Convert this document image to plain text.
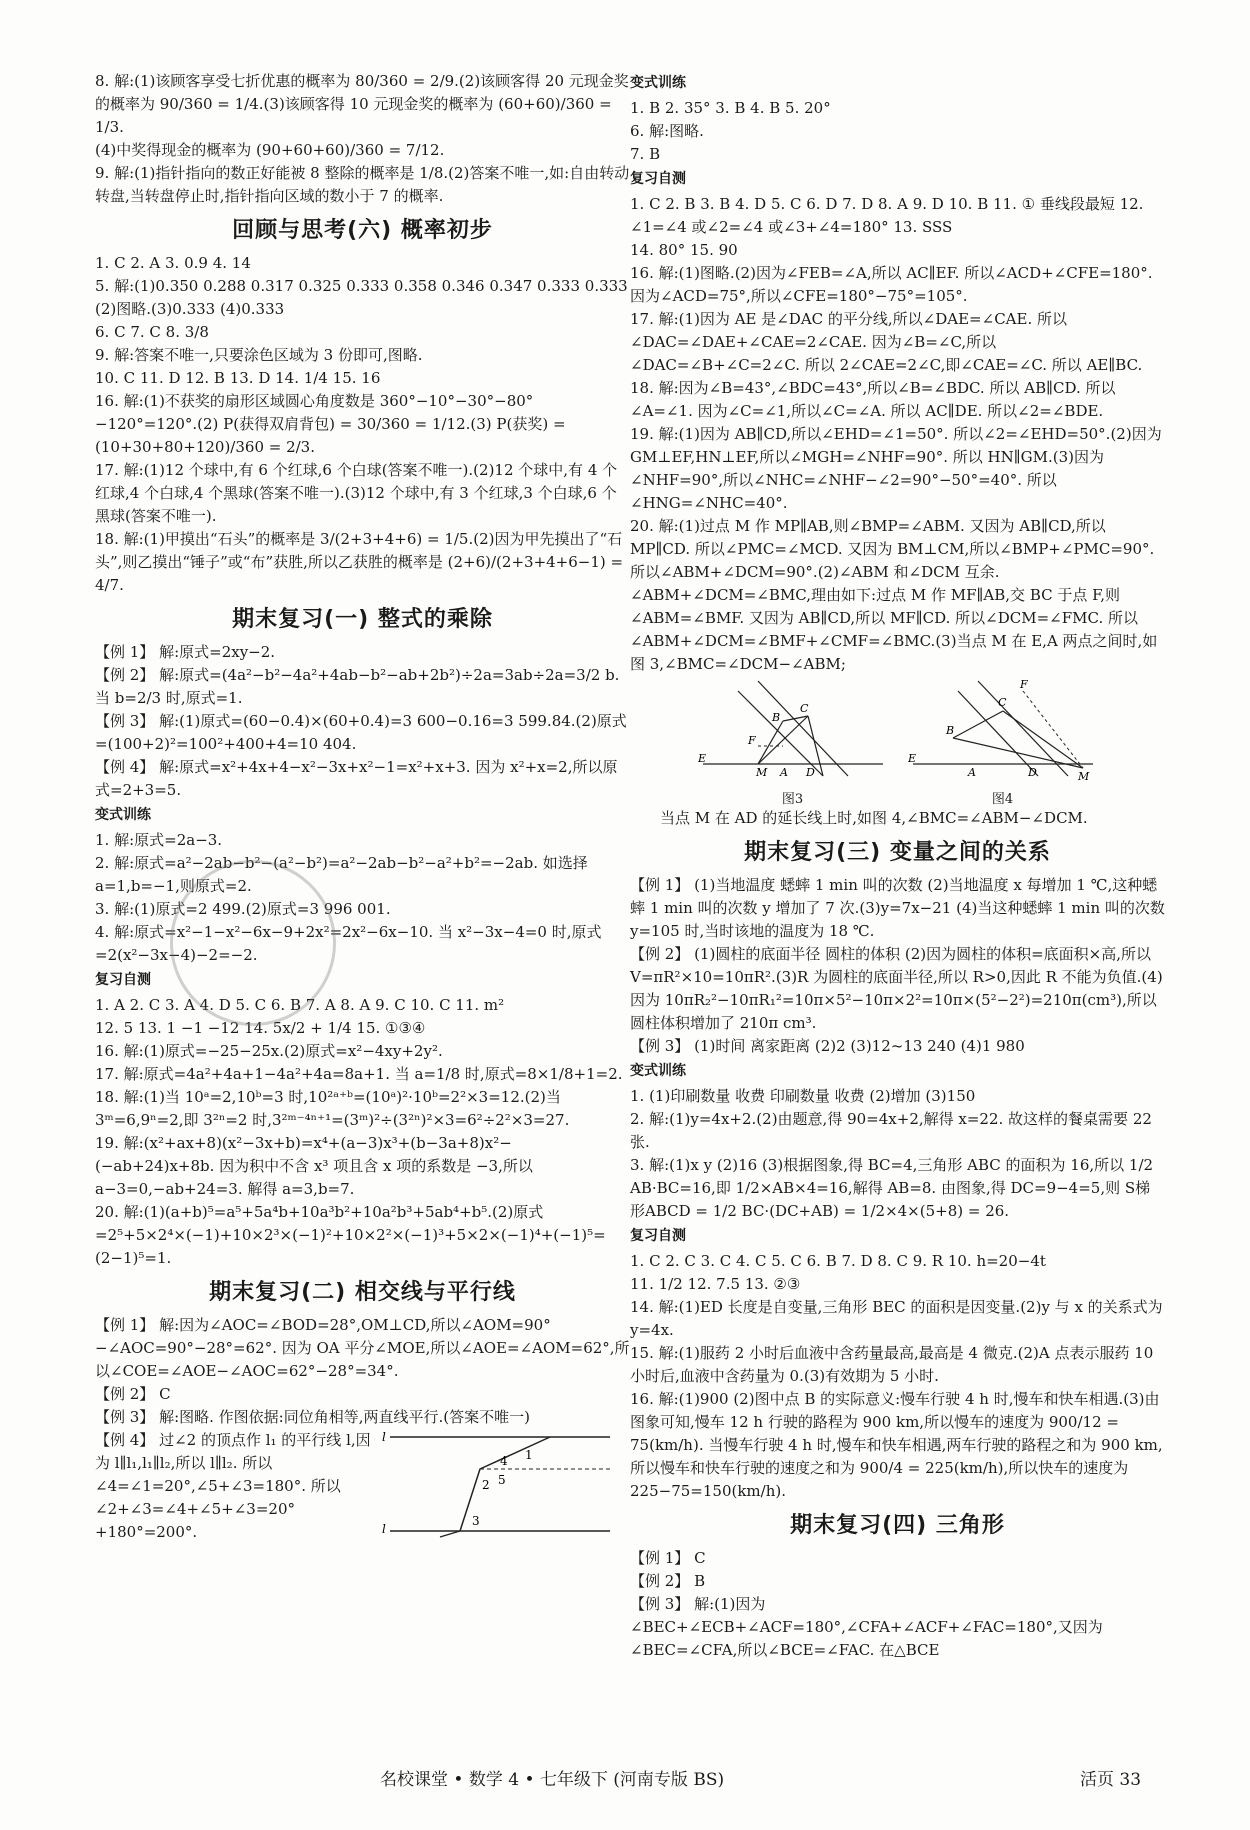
8. 解:(1)该顾客享受七折优惠的概率为 80/360 = 2/9.(2)该顾客得 20 元现金奖的概率为 90/360 = 1/4.(3)该顾客得 10 元现金奖的概率为 (60+60)/360 = 1/3.

(4)中奖得现金的概率为 (90+60+60)/360 = 7/12.

9. 解:(1)指针指向的数正好能被 8 整除的概率是 1/8.(2)答案不唯一,如:自由转动转盘,当转盘停止时,指针指向区域的数小于 7 的概率.

回顾与思考(六) 概率初步

1. C 2. A 3. 0.9 4. 14

5. 解:(1)0.350 0.288 0.317 0.325 0.333 0.358 0.346 0.347 0.333 0.333 (2)图略.(3)0.333 (4)0.333

6. C 7. C 8. 3/8

9. 解:答案不唯一,只要涂色区域为 3 份即可,图略.

10. C 11. D 12. B 13. D 14. 1/4 15. 16

16. 解:(1)不获奖的扇形区域圆心角度数是 360°−10°−30°−80°−120°=120°.(2) P(获得双肩背包) = 30/360 = 1/12.(3) P(获奖) = (10+30+80+120)/360 = 2/3.

17. 解:(1)12 个球中,有 6 个红球,6 个白球(答案不唯一).(2)12 个球中,有 4 个红球,4 个白球,4 个黑球(答案不唯一).(3)12 个球中,有 3 个红球,3 个白球,6 个黑球(答案不唯一).

18. 解:(1)甲摸出“石头”的概率是 3/(2+3+4+6) = 1/5.(2)因为甲先摸出了“石头”,则乙摸出“锤子”或“布”获胜,所以乙获胜的概率是 (2+6)/(2+3+4+6−1) = 4/7.

期末复习(一) 整式的乘除

【例 1】 解:原式=2xy−2.

【例 2】 解:原式=(4a²−b²−4a²+4ab−b²−ab+2b²)÷2a=3ab÷2a=3/2 b. 当 b=2/3 时,原式=1.

【例 3】 解:(1)原式=(60−0.4)×(60+0.4)=3 600−0.16=3 599.84.(2)原式=(100+2)²=100²+400+4=10 404.

【例 4】 解:原式=x²+4x+4−x²−3x+x²−1=x²+x+3. 因为 x²+x=2,所以原式=2+3=5.

变式训练

1. 解:原式=2a−3.

2. 解:原式=a²−2ab−b²−(a²−b²)=a²−2ab−b²−a²+b²=−2ab. 如选择 a=1,b=−1,则原式=2.

3. 解:(1)原式=2 499.(2)原式=3 996 001.

4. 解:原式=x²−1−x²−6x−9+2x²=2x²−6x−10. 当 x²−3x−4=0 时,原式=2(x²−3x−4)−2=−2.

复习自测

1. A 2. C 3. A 4. D 5. C 6. B 7. A 8. A 9. C 10. C 11. m²

12. 5 13. 1 −1 −12 14. 5x/2 + 1/4 15. ①③④

16. 解:(1)原式=−25−25x.(2)原式=x²−4xy+2y².

17. 解:原式=4a²+4a+1−4a²+4a=8a+1. 当 a=1/8 时,原式=8×1/8+1=2.

18. 解:(1)当 10ᵃ=2,10ᵇ=3 时,10²ᵃ⁺ᵇ=(10ᵃ)²·10ᵇ=2²×3=12.(2)当 3ᵐ=6,9ⁿ=2,即 3²ⁿ=2 时,3²ᵐ⁻⁴ⁿ⁺¹=(3ᵐ)²÷(3²ⁿ)²×3=6²÷2²×3=27.

19. 解:(x²+ax+8)(x²−3x+b)=x⁴+(a−3)x³+(b−3a+8)x²−(−ab+24)x+8b. 因为积中不含 x³ 项且含 x 项的系数是 −3,所以 a−3=0,−ab+24=3. 解得 a=3,b=7.

20. 解:(1)(a+b)⁵=a⁵+5a⁴b+10a³b²+10a²b³+5ab⁴+b⁵.(2)原式=2⁵+5×2⁴×(−1)+10×2³×(−1)²+10×2²×(−1)³+5×2×(−1)⁴+(−1)⁵=(2−1)⁵=1.

期末复习(二) 相交线与平行线

【例 1】 解:因为∠AOC=∠BOD=28°,OM⊥CD,所以∠AOM=90°−∠AOC=90°−28°=62°. 因为 OA 平分∠MOE,所以∠AOE=∠AOM=62°,所以∠COE=∠AOE−∠AOC=62°−28°=34°.

【例 2】 C

【例 3】 解:图略. 作图依据:同位角相等,两直线平行.(答案不唯一)

【例 4】 过∠2 的顶点作 l₁ 的平行线 l,因为 l∥l₁,l₁∥l₂,所以 l∥l₂. 所以∠4=∠1=20°,∠5+∠3=180°. 所以∠2+∠3=∠4+∠5+∠3=20°+180°=200°.

l
l
1
2
3
4
5
变式训练

1. B 2. 35° 3. B 4. B 5. 20°

6. 解:图略.

7. B

复习自测

1. C 2. B 3. B 4. D 5. C 6. D 7. D 8. A 9. D 10. B 11. ① 垂线段最短 12. ∠1=∠4 或∠2=∠4 或∠3+∠4=180° 13. SSS

14. 80° 15. 90

16. 解:(1)图略.(2)因为∠FEB=∠A,所以 AC∥EF. 所以∠ACD+∠CFE=180°. 因为∠ACD=75°,所以∠CFE=180°−75°=105°.

17. 解:(1)因为 AE 是∠DAC 的平分线,所以∠DAE=∠CAE. 所以∠DAC=∠DAE+∠CAE=2∠CAE. 因为∠B=∠C,所以∠DAC=∠B+∠C=2∠C. 所以 2∠CAE=2∠C,即∠CAE=∠C. 所以 AE∥BC.

18. 解:因为∠B=43°,∠BDC=43°,所以∠B=∠BDC. 所以 AB∥CD. 所以∠A=∠1. 因为∠C=∠1,所以∠C=∠A. 所以 AC∥DE. 所以∠2=∠BDE.

19. 解:(1)因为 AB∥CD,所以∠EHD=∠1=50°. 所以∠2=∠EHD=50°.(2)因为 GM⊥EF,HN⊥EF,所以∠MGH=∠NHF=90°. 所以 HN∥GM.(3)因为∠NHF=90°,所以∠NHC=∠NHF−∠2=90°−50°=40°. 所以∠HNG=∠NHC=40°.

20. 解:(1)过点 M 作 MP∥AB,则∠BMP=∠ABM. 又因为 AB∥CD,所以 MP∥CD. 所以∠PMC=∠MCD. 又因为 BM⊥CM,所以∠BMP+∠PMC=90°. 所以∠ABM+∠DCM=90°.(2)∠ABM 和∠DCM 互余. ∠ABM+∠DCM=∠BMC,理由如下:过点 M 作 MF∥AB,交 BC 于点 F,则∠ABM=∠BMF. 又因为 AB∥CD,所以 MF∥CD. 所以∠DCM=∠FMC. 所以∠ABM+∠DCM=∠BMF+∠CMF=∠BMC.(3)当点 M 在 E,A 两点之间时,如图 3,∠BMC=∠DCM−∠ABM;

E
M A D
B
C
F
图3
E
A	D	M
B
C
F
图4

当点 M 在 AD 的延长线上时,如图 4,∠BMC=∠ABM−∠DCM.

期末复习(三) 变量之间的关系

【例 1】 (1)当地温度 蟋蟀 1 min 叫的次数 (2)当地温度 x 每增加 1 ℃,这种蟋蟀 1 min 叫的次数 y 增加了 7 次.(3)y=7x−21 (4)当这种蟋蟀 1 min 叫的次数 y=105 时,当时该地的温度为 18 ℃.

【例 2】 (1)圆柱的底面半径 圆柱的体积 (2)因为圆柱的体积=底面积×高,所以 V=πR²×10=10πR².(3)R 为圆柱的底面半径,所以 R>0,因此 R 不能为负值.(4)因为 10πR₂²−10πR₁²=10π×5²−10π×2²=10π×(5²−2²)=210π(cm³),所以圆柱体积增加了 210π cm³.

【例 3】 (1)时间 离家距离 (2)2 (3)12~13 240 (4)1 980

变式训练

1. (1)印刷数量 收费 印刷数量 收费 (2)增加 (3)150

2. 解:(1)y=4x+2.(2)由题意,得 90=4x+2,解得 x=22. 故这样的餐桌需要 22 张.

3. 解:(1)x y (2)16 (3)根据图象,得 BC=4,三角形 ABC 的面积为 16,所以 1/2 AB·BC=16,即 1/2×AB×4=16,解得 AB=8. 由图象,得 DC=9−4=5,则 S梯形ABCD = 1/2 BC·(DC+AB) = 1/2×4×(5+8) = 26.

复习自测

1. C 2. C 3. C 4. C 5. C 6. B 7. D 8. C 9. R 10. h=20−4t

11. 1/2 12. 7.5 13. ②③

14. 解:(1)ED 长度是自变量,三角形 BEC 的面积是因变量.(2)y 与 x 的关系式为 y=4x.

15. 解:(1)服药 2 小时后血液中含药量最高,最高是 4 微克.(2)A 点表示服药 10 小时后,血液中含药量为 0.(3)有效期为 5 小时.

16. 解:(1)900 (2)图中点 B 的实际意义:慢车行驶 4 h 时,慢车和快车相遇.(3)由图象可知,慢车 12 h 行驶的路程为 900 km,所以慢车的速度为 900/12 = 75(km/h). 当慢车行驶 4 h 时,慢车和快车相遇,两车行驶的路程之和为 900 km,所以慢车和快车行驶的速度之和为 900/4 = 225(km/h),所以快车的速度为 225−75=150(km/h).

期末复习(四) 三角形

【例 1】 C

【例 2】 B

【例 3】 解:(1)因为∠BEC+∠ECB+∠ACF=180°,∠CFA+∠ACF+∠FAC=180°,又因为∠BEC=∠CFA,所以∠BCE=∠FAC. 在△BCE

名校课堂 • 数学 4 • 七年级下 (河南专版 BS)	活页 33
